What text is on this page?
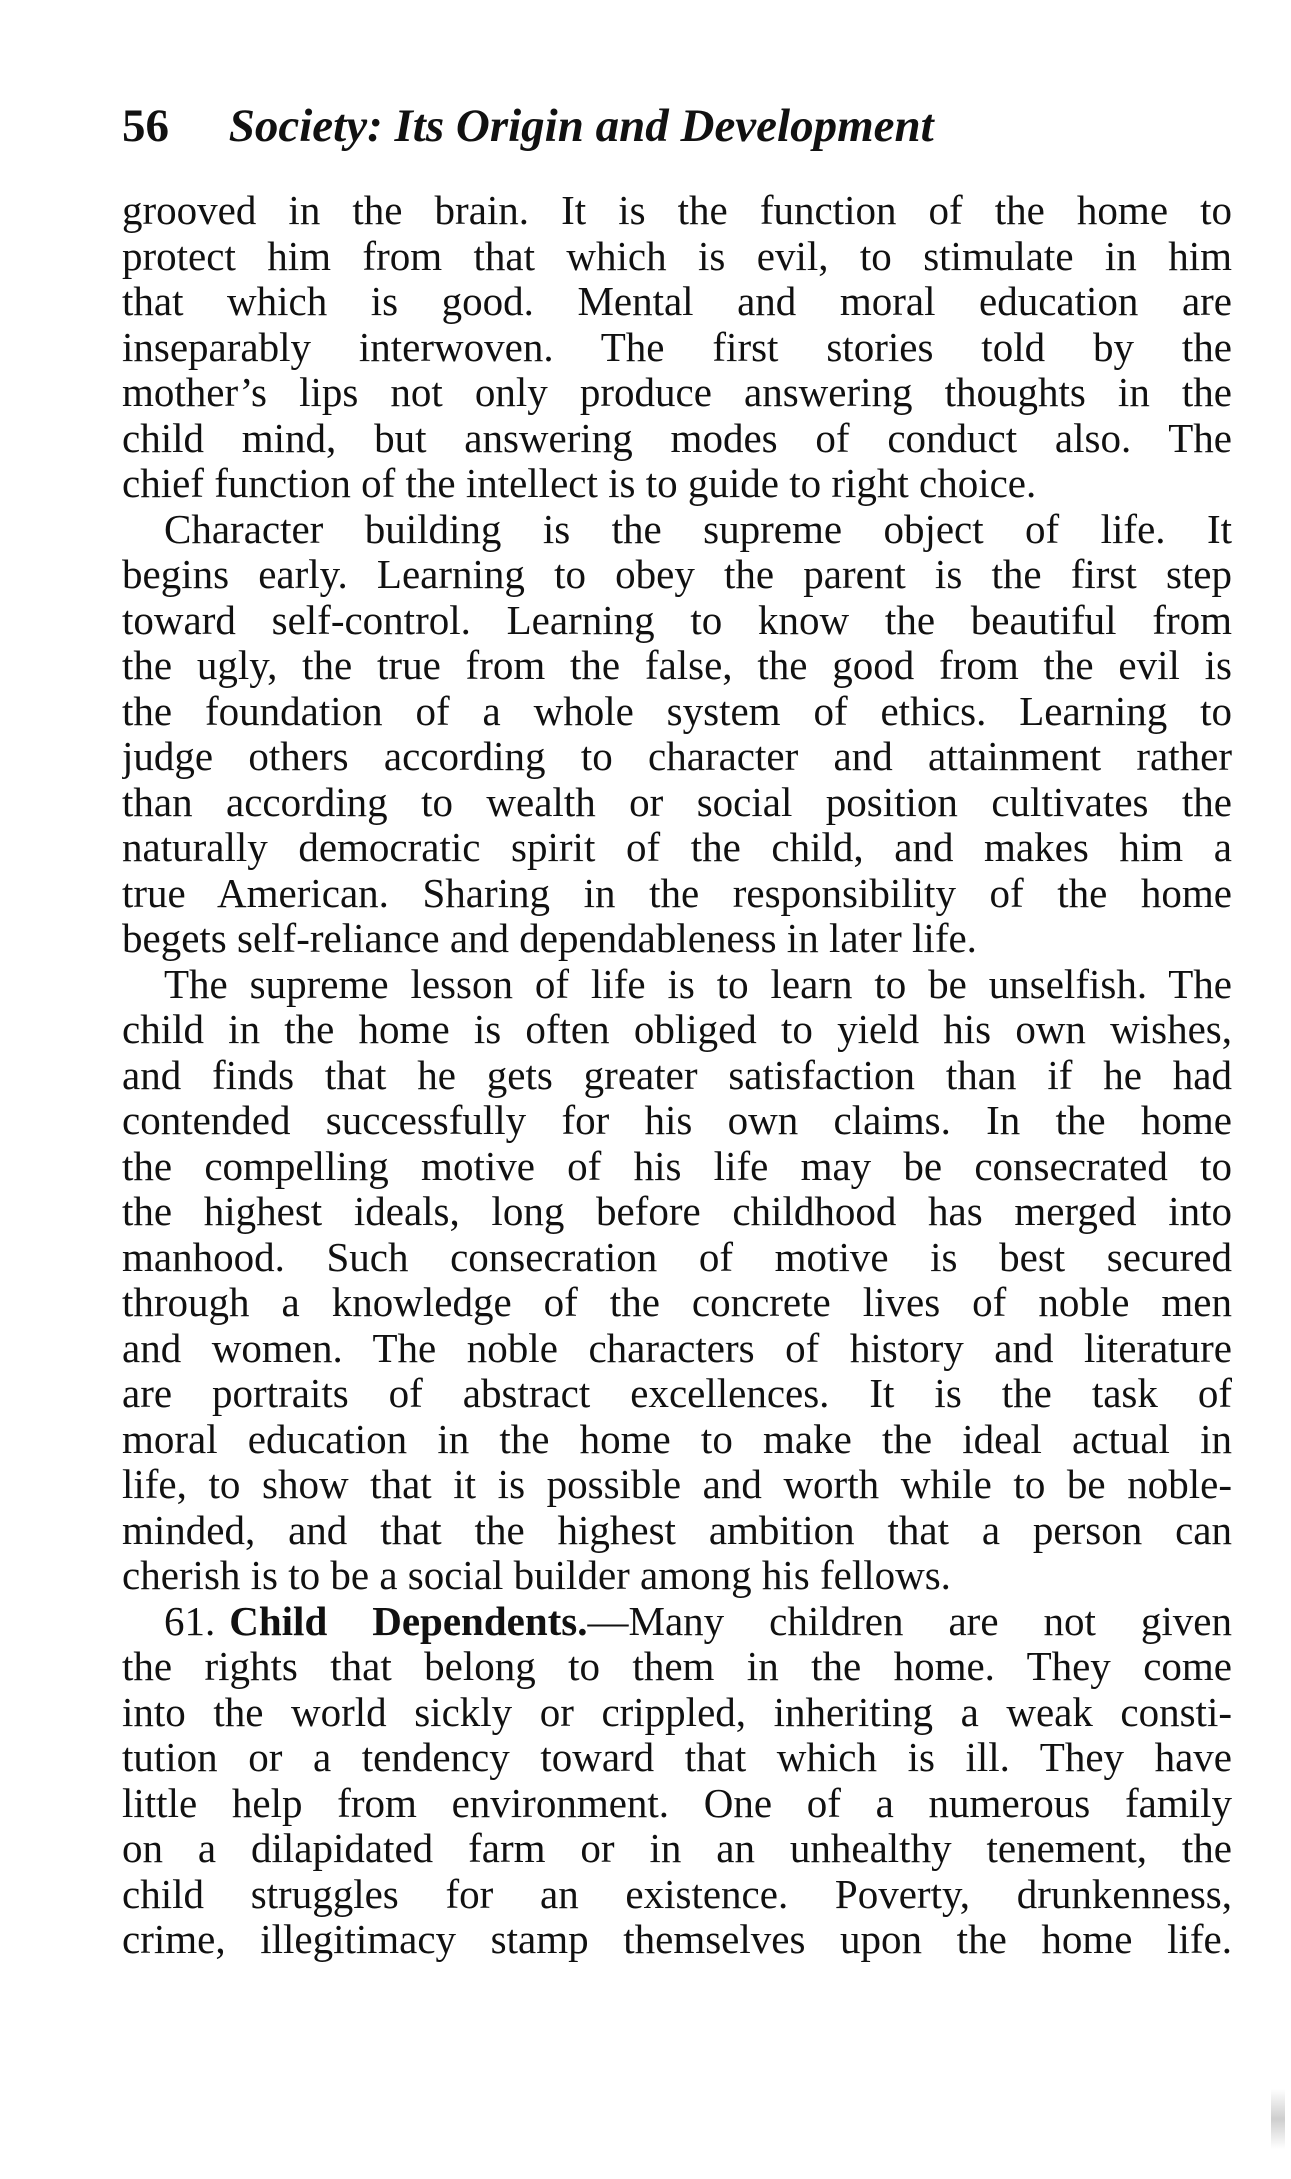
56 Society: Its Origin and Development
grooved in the brain. It is the function of the home to
protect him from that which is evil, to stimulate in him
that which is good. Mental and moral education are
inseparably interwoven. The first stories told by the
mother’s lips not only produce answering thoughts in the
child mind, but answering modes of conduct also. The
chief function of the intellect is to guide to right choice.
Character building is the supreme object of life. It
begins early. Learning to obey the parent is the first step
toward self-control. Learning to know the beautiful from
the ugly, the true from the false, the good from the evil is
the foundation of a whole system of ethics. Learning to
judge others according to character and attainment rather
than according to wealth or social position cultivates the
naturally democratic spirit of the child, and makes him a
true American. Sharing in the responsibility of the home
begets self-reliance and dependableness in later life.
The supreme lesson of life is to learn to be unselfish. The
child in the home is often obliged to yield his own wishes,
and finds that he gets greater satisfaction than if he had
contended successfully for his own claims. In the home
the compelling motive of his life may be consecrated to
the highest ideals, long before childhood has merged into
manhood. Such consecration of motive is best secured
through a knowledge of the concrete lives of noble men
and women. The noble characters of history and literature
are portraits of abstract excellences. It is the task of
moral education in the home to make the ideal actual in
life, to show that it is possible and worth while to be noble-
minded, and that the highest ambition that a person can
cherish is to be a social builder among his fellows.
61. Child Dependents.—Many children are not given
the rights that belong to them in the home. They come
into the world sickly or crippled, inheriting a weak consti-
tution or a tendency toward that which is ill. They have
little help from environment. One of a numerous family
on a dilapidated farm or in an unhealthy tenement, the
child struggles for an existence. Poverty, drunkenness,
crime, illegitimacy stamp themselves upon the home life.
